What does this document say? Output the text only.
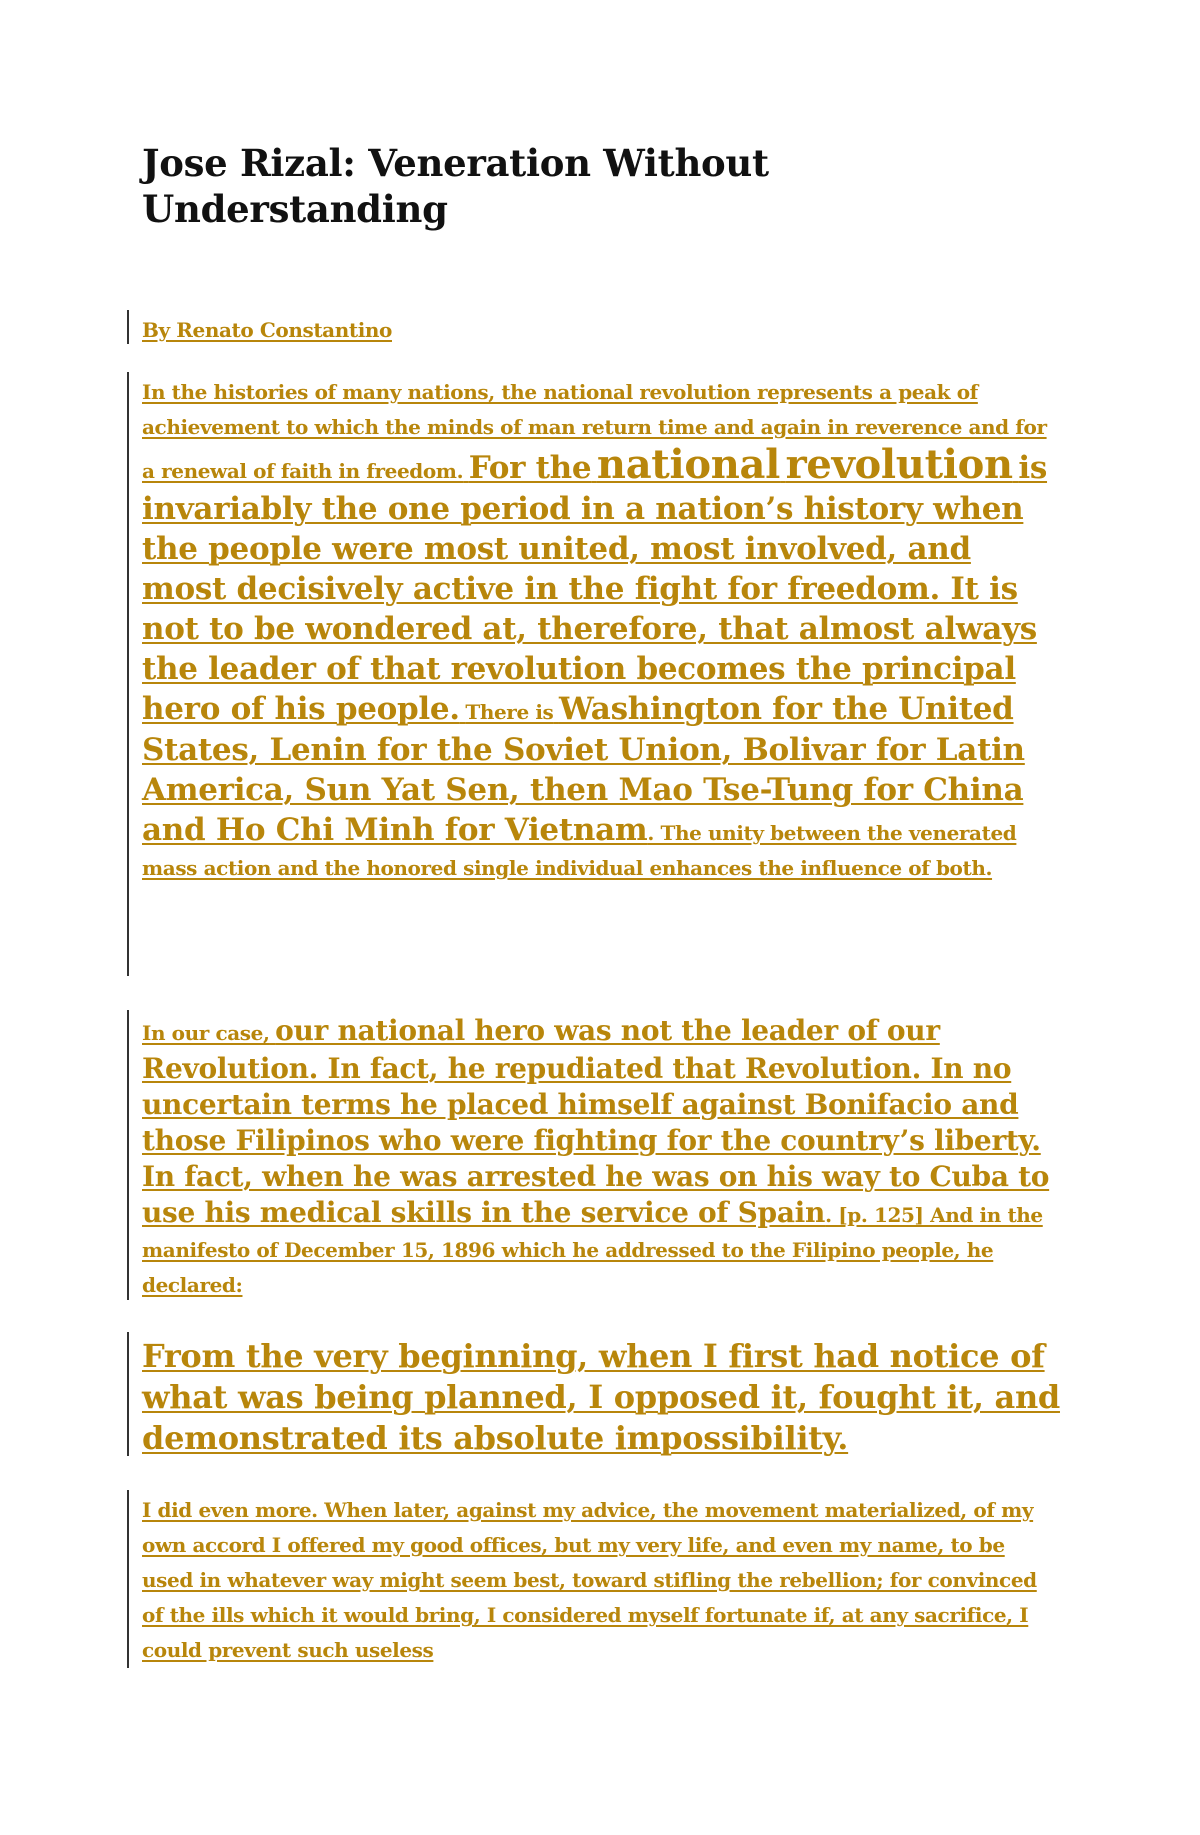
Jose Rizal: Veneration Without Understanding
By Renato Constantino

In the histories of many nations, the national revolution represents a peak of achievement to which the minds of man return time and again in reverence and for a renewal of faith in freedom. For the national revolution is invariably the one period in a nation’s history when the people were most united, most involved, and most decisively active in the fight for freedom. It is not to be wondered at, therefore, that almost always the leader of that revolution becomes the principal hero of his people. There is Washington for the United States, Lenin for the Soviet Union, Bolivar for Latin America, Sun Yat Sen, then Mao Tse-Tung for China and Ho Chi Minh for Vietnam. The unity between the venerated mass action and the honored single individual enhances the influence of both.

In our case, our national hero was not the leader of our Revolution. In fact, he repudiated that Revolution. In no uncertain terms he placed himself against Bonifacio and those Filipinos who were fighting for the country’s liberty. In fact, when he was arrested he was on his way to Cuba to use his medical skills in the service of Spain. [p. 125] And in the manifesto of December 15, 1896 which he addressed to the Filipino people, he declared:

From the very beginning, when I first had notice of what was being planned, I opposed it, fought it, and demonstrated its absolute impossibility.

I did even more. When later, against my advice, the movement materialized, of my own accord I offered my good offices, but my very life, and even my name, to be used in whatever way might seem best, toward stifling the rebellion; for convinced of the ills which it would bring, I considered myself fortunate if, at any sacrifice, I could prevent such useless
